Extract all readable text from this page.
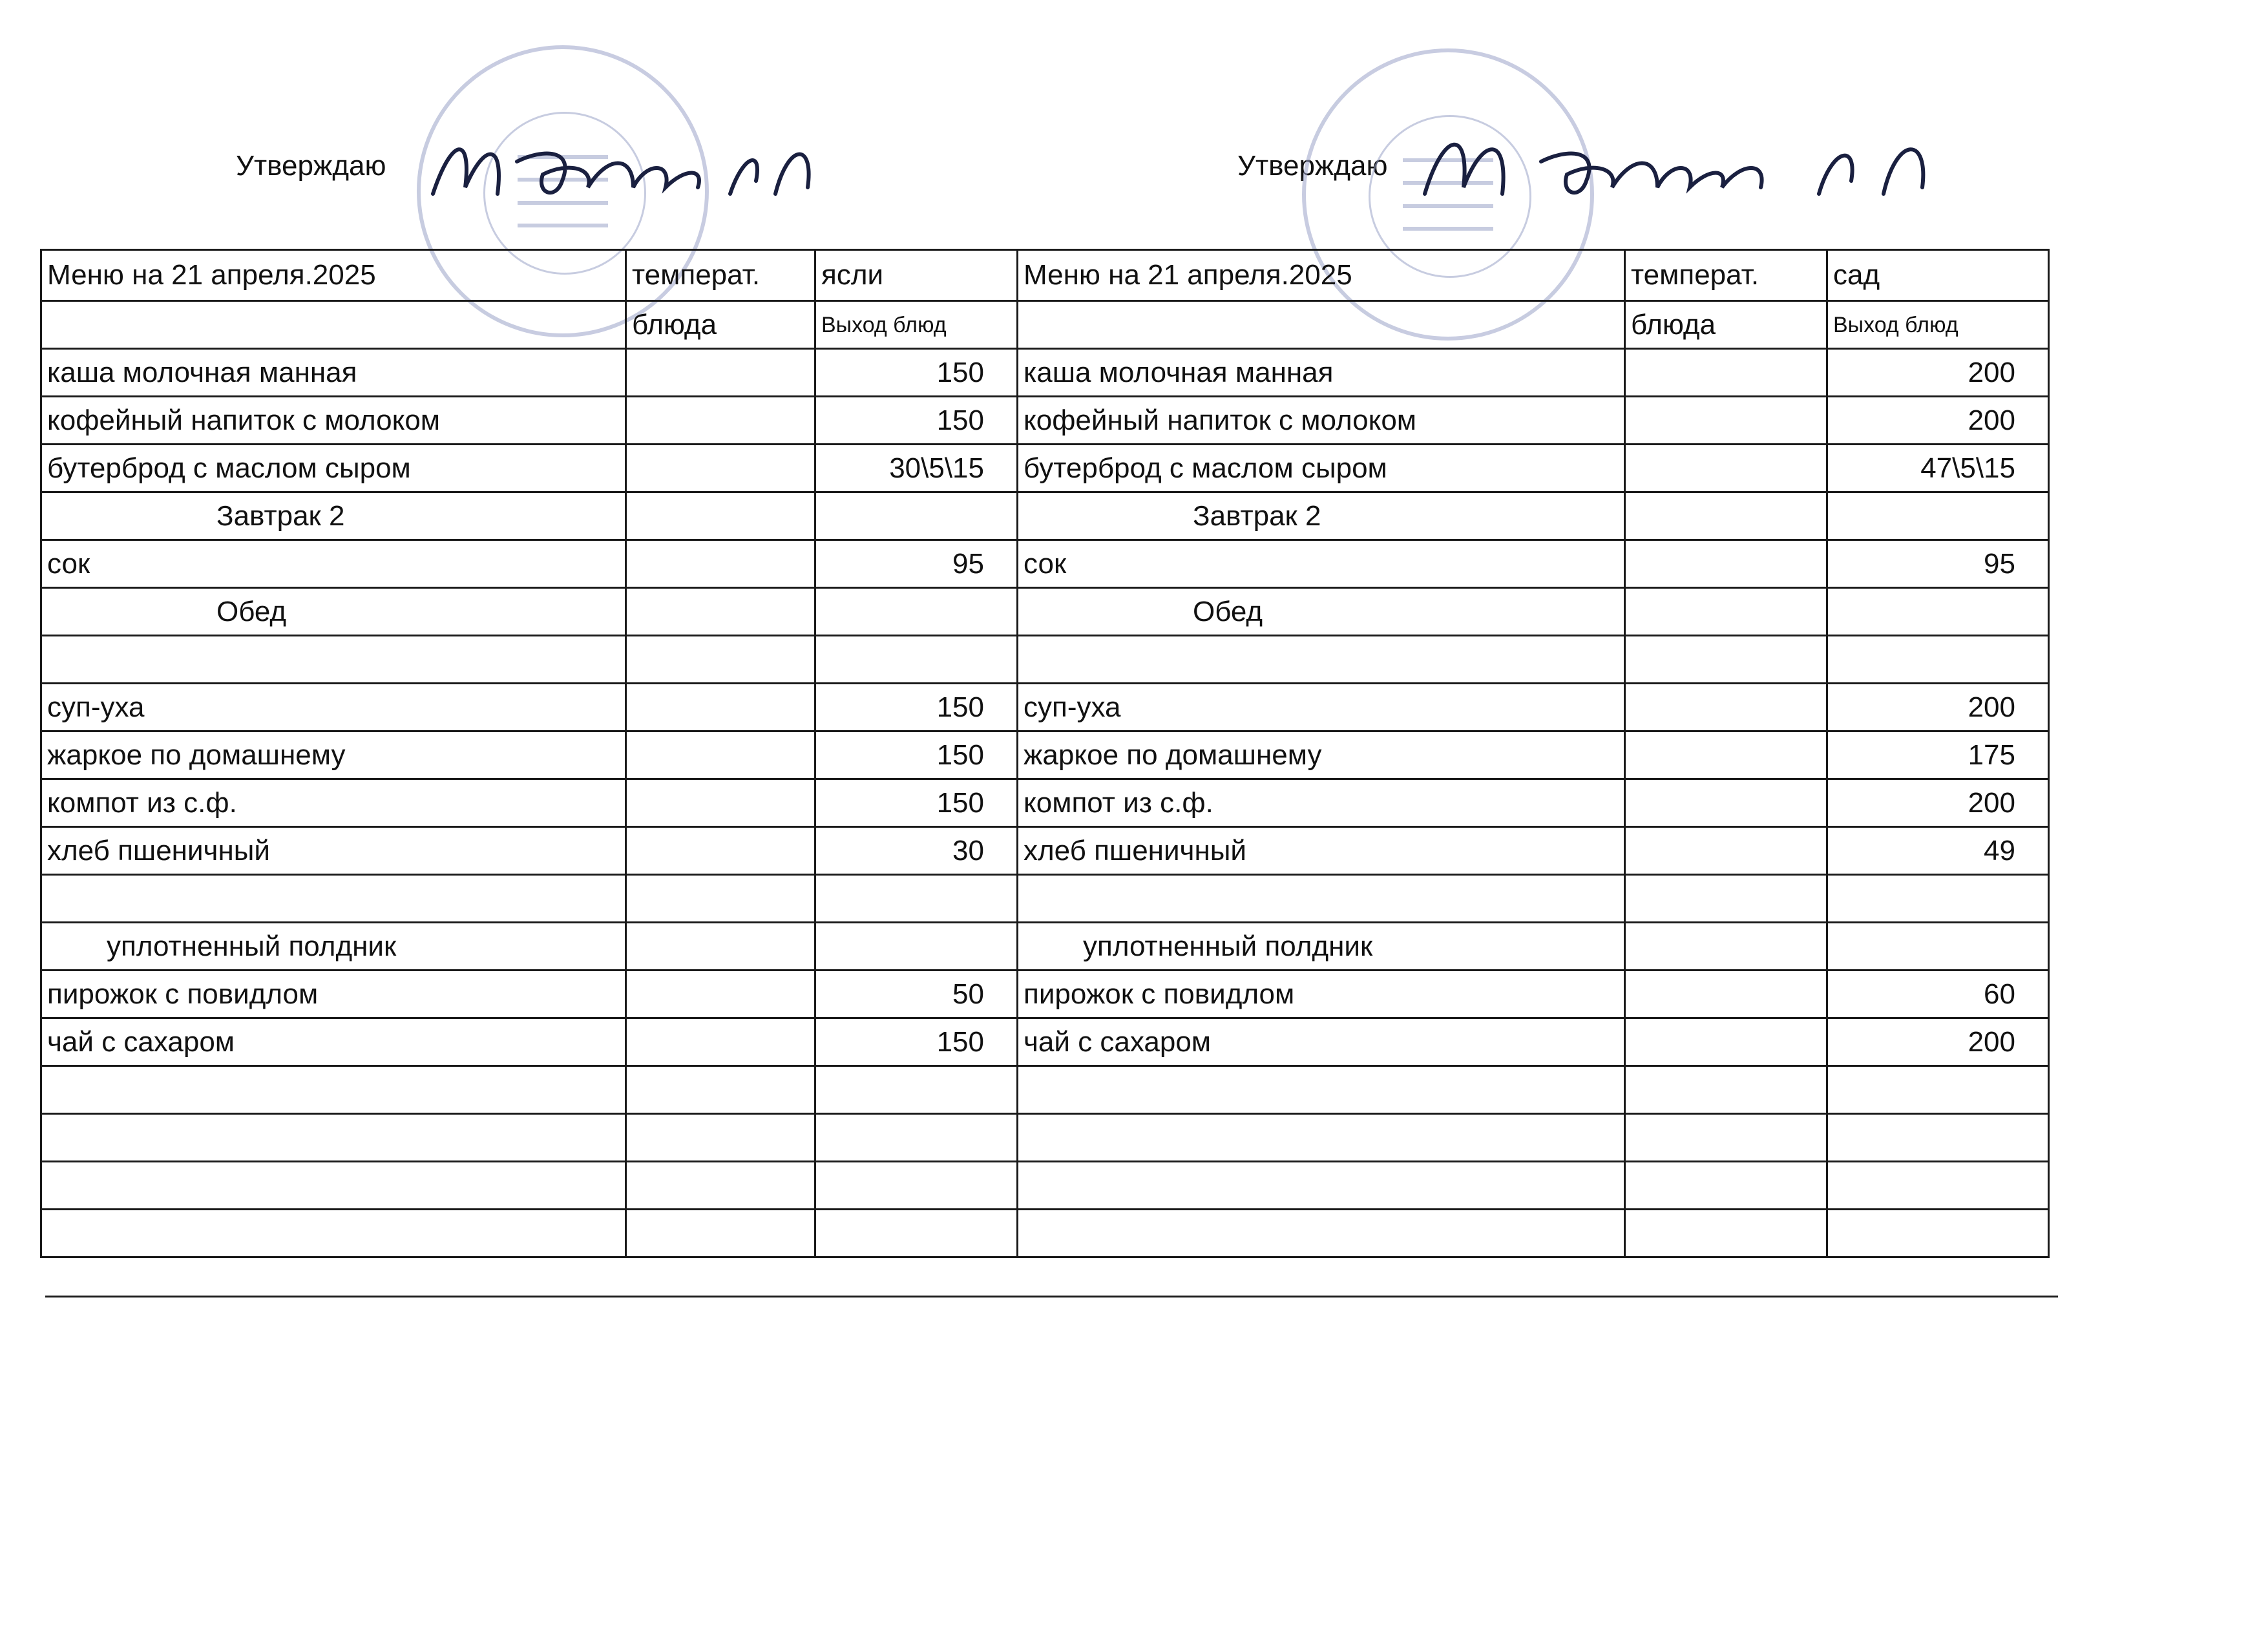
Утверждаю	Утверждаю
Меню на 21 апреля.2025	температ.	ясли	Меню на 21 апреля.2025	температ.	сад
	блюда	Выход блюд		блюда	Выход блюд
каша молочная манная		150	каша молочная манная		200
кофейный напиток с молоком		150	кофейный напиток с молоком		200
бутерброд с маслом сыром		30\5\15	бутерброд с маслом сыром		47\5\15
Завтрак 2			Завтрак 2		
сок		95	сок		95
Обед			Обед		

суп-уха		150	суп-уха		200
жаркое по домашнему		150	жаркое по домашнему		175
компот из с.ф.		150	компот из с.ф.		200
хлеб пшеничный		30	хлеб пшеничный		49

уплотненный полдник			уплотненный полдник		
пирожок с повидлом		50	пирожок с повидлом		60
чай с сахаром		150	чай с сахаром		200
